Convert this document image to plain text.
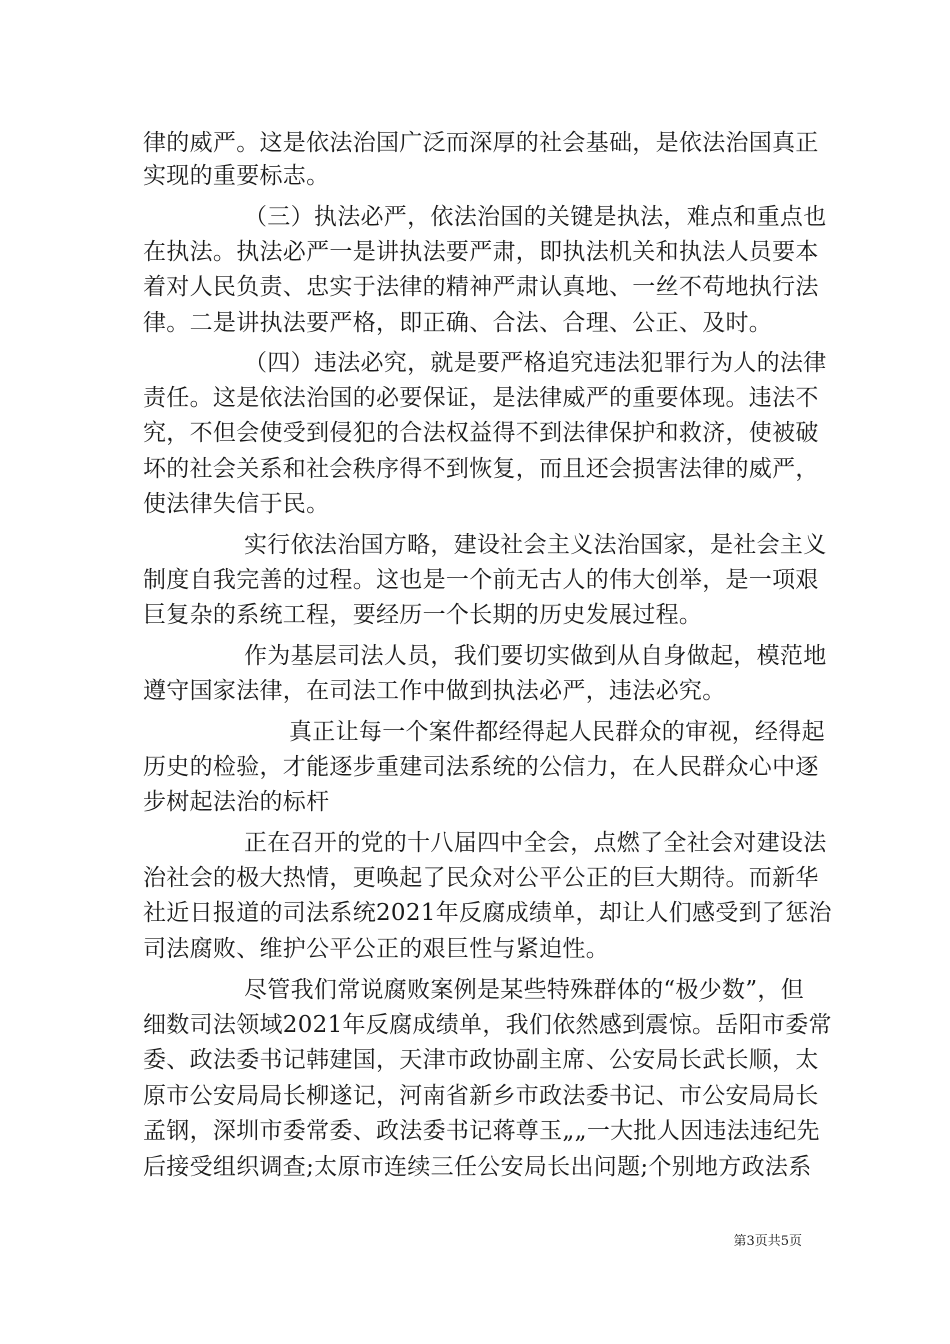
律的威严。这是依法治国广泛而深厚的社会基础，是依法治国真正
实现的重要标志。
（三）执法必严，依法治国的关键是执法，难点和重点也
在执法。执法必严一是讲执法要严肃，即执法机关和执法人员要本
着对人民负责、忠实于法律的精神严肃认真地、一丝不苟地执行法
律。二是讲执法要严格，即正确、合法、合理、公正、及时。
（四）违法必究，就是要严格追究违法犯罪行为人的法律
责任。这是依法治国的必要保证，是法律威严的重要体现。违法不
究，不但会使受到侵犯的合法权益得不到法律保护和救济，使被破
坏的社会关系和社会秩序得不到恢复，而且还会损害法律的威严，
使法律失信于民。
实行依法治国方略，建设社会主义法治国家，是社会主义
制度自我完善的过程。这也是一个前无古人的伟大创举，是一项艰
巨复杂的系统工程，要经历一个长期的历史发展过程。
作为基层司法人员，我们要切实做到从自身做起，模范地
遵守国家法律，在司法工作中做到执法必严，违法必究。
真正让每一个案件都经得起人民群众的审视，经得起
历史的检验，才能逐步重建司法系统的公信力，在人民群众心中逐
步树起法治的标杆
正在召开的党的十八届四中全会，点燃了全社会对建设法
治社会的极大热情，更唤起了民众对公平公正的巨大期待。而新华
社近日报道的司法系统2021年反腐成绩单，却让人们感受到了惩治
司法腐败、维护公平公正的艰巨性与紧迫性。
尽管我们常说腐败案例是某些特殊群体的“极少数”，但
细数司法领域2021年反腐成绩单，我们依然感到震惊。岳阳市委常
委、政法委书记韩建国，天津市政协副主席、公安局长武长顺，太
原市公安局局长柳遂记，河南省新乡市政法委书记、市公安局局长
孟钢，深圳市委常委、政法委书记蒋尊玉„„一大批人因违法违纪先
后接受组织调查;太原市连续三任公安局长出问题;个别地方政法系
第3页共5页
